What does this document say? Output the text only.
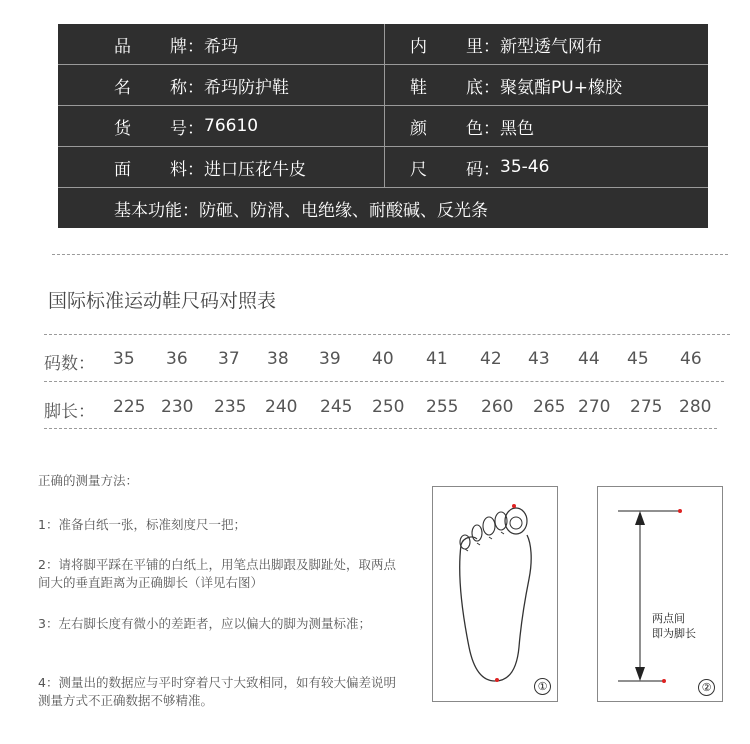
品	牌： 希玛	内	里： 新型透气网布
名	称： 希玛防护鞋	鞋	底： 聚氨酯PU+橡胶
货	号： 76610	颜	色： 黑色
面	料： 进口压花牛皮	尺	码： 35-46
基本功能： 防砸、防滑、电绝缘、耐酸碱、反光条
国际标准运动鞋尺码对照表
码数： 35 36 37 38 39 40 41 42 43 44 45 46
脚长： 225 230 235 240 245 250 255 260 265 270 275 280
正确的测量方法：
1：准备白纸一张，标准刻度尺一把；
2：请将脚平踩在平铺的白纸上，用笔点出脚跟及脚趾处，取两点间大的垂直距离为正确脚长（详见右图）
3：左右脚长度有微小的差距者，应以偏大的脚为测量标准；
4：测量出的数据应与平时穿着尺寸大致相同，如有较大偏差说明测量方式不正确数据不够精准。
①
两点间
即为脚长
②
